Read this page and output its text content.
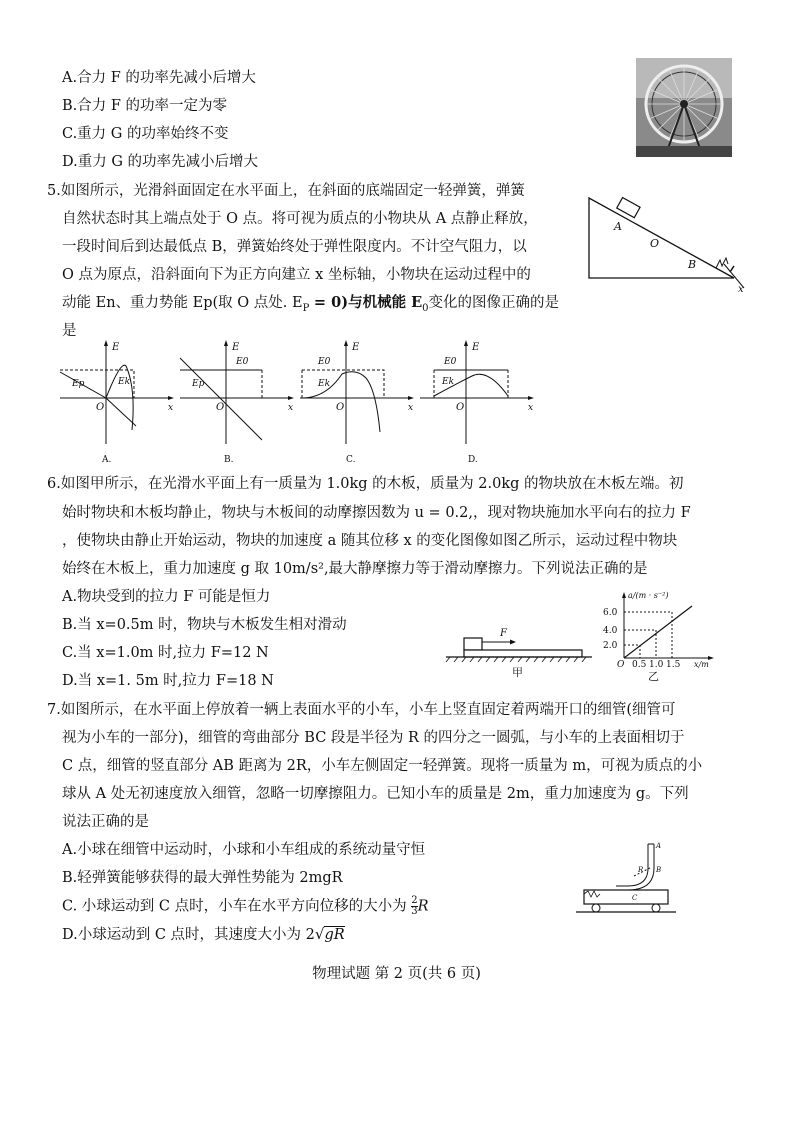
A.合力 F 的功率先减小后增大
B.合力 F 的功率一定为零
C.重力 G 的功率始终不变
D.重力 G 的功率先减小后增大
5.如图所示，光滑斜面固定在水平面上，在斜面的底端固定一轻弹簧，弹簧
自然状态时其上端点处于 O 点。将可视为质点的小物块从 A 点静止释放，
一段时间后到达最低点 B，弹簧始终处于弹性限度内。不计空气阻力，以
O 点为原点，沿斜面向下为正方向建立 x 坐标轴，小物块在运动过程中的
动能 En、重力势能 Ep(取 O 点处. $E_P = 0$)与机械能 $E_0$变化的图像正确的是
是
A
O
B
x
E
Ep	Ek
O	x
A.
E
E0
Ep
O	x
B.
E
E0
Ek
O	x
C.
E
E0
Ek
O	x
D.
6.如图甲所示，在光滑水平面上有一质量为 1.0kg 的木板，质量为 2.0kg 的物块放在木板左端。初
始时物块和木板均静止，物块与木板间的动摩擦因数为 u = 0.2,，现对物块施加水平向右的拉力 F
，使物块由静止开始运动，物块的加速度 a 随其位移 x 的变化图像如图乙所示，运动过程中物块
始终在木板上，重力加速度 g 取 10m/s²,最大静摩擦力等于滑动摩擦力。下列说法正确的是
A.物块受到的拉力 F 可能是恒力
B.当 x=0.5m 时，物块与木板发生相对滑动
C.当 x=1.0m 时,拉力 F=12 N
D.当 x=1. 5m 时,拉力 F=18 N
F
甲
a/(m · s⁻²)
6.0
4.0
2.0
O 0.5 1.0 1.5 x/m
乙
7.如图所示，在水平面上停放着一辆上表面水平的小车，小车上竖直固定着两端开口的细管(细管可
视为小车的一部分)，细管的弯曲部分 BC 段是半径为 R 的四分之一圆弧，与小车的上表面相切于
C 点，细管的竖直部分 AB 距离为 2R，小车左侧固定一轻弹簧。现将一质量为 m，可视为质点的小
球从 A 处无初速度放入细管，忽略一切摩擦阻力。已知小车的质量是 2m，重力加速度为 g。下列
说法正确的是
A.小球在细管中运动时，小球和小车组成的系统动量守恒
B.轻弹簧能够获得的最大弹性势能为 2mgR
C. 小球运动到 C 点时，小车在水平方向位移的大小为 $\frac{2}{3}$ R
D.小球运动到 C 点时，其速度大小为 2√gR
A
B
R
C
物理试题 第 2 页(共 6 页)
